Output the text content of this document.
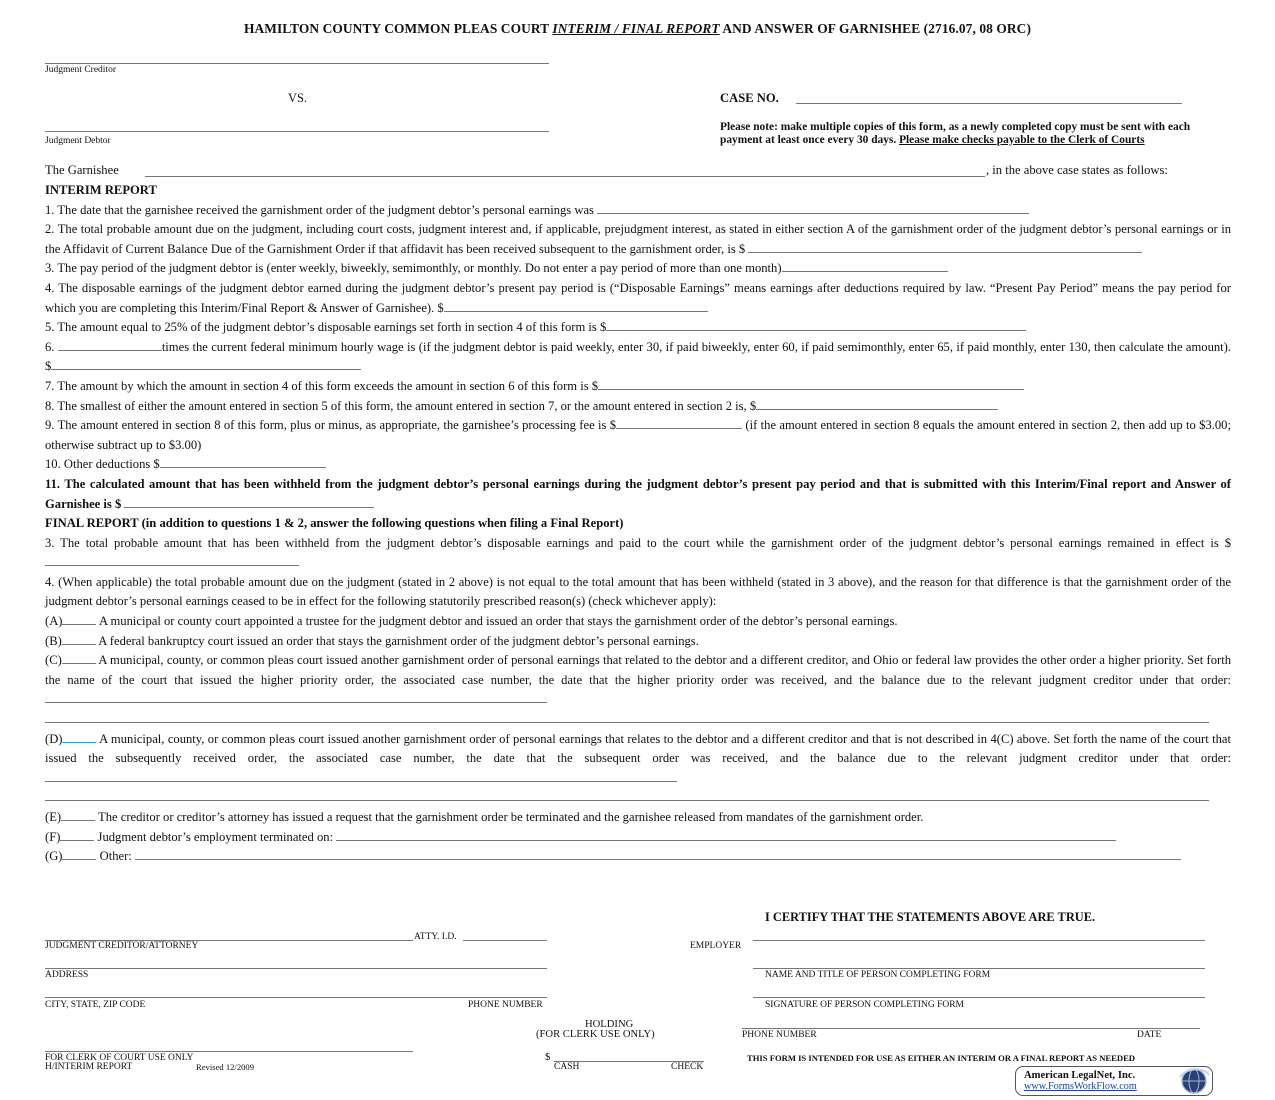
HAMILTON COUNTY COMMON PLEAS COURT INTERIM / FINAL REPORT AND ANSWER OF GARNISHEE (2716.07, 08 ORC)
Judgment Creditor
VS.
Judgment Debtor
CASE NO.
Please note: make multiple copies of this form, as a newly completed copy must be sent with each payment at least once every 30 days. Please make checks payable to the Clerk of Courts
The Garnishee	, in the above case states as follows:

INTERIM REPORT

1. The date that the garnishee received the garnishment order of the judgment debtor’s personal earnings was

2. The total probable amount due on the judgment, including court costs, judgment interest and, if applicable, prejudgment interest, as stated in either section A of the garnishment order of the judgment debtor’s personal earnings or in the Affidavit of Current Balance Due of the Garnishment Order if that affidavit has been received subsequent to the garnishment order, is $

3. The pay period of the judgment debtor is (enter weekly, biweekly, semimonthly, or monthly. Do not enter a pay period of more than one month)

4. The disposable earnings of the judgment debtor earned during the judgment debtor’s present pay period is (“Disposable Earnings” means earnings after deductions required by law. “Present Pay Period” means the pay period for which you are completing this Interim/Final Report & Answer of Garnishee). $

5. The amount equal to 25% of the judgment debtor’s disposable earnings set forth in section 4 of this form is $

6.	times the current federal minimum hourly wage is (if the judgment debtor is paid weekly, enter 30, if paid biweekly, enter 60, if paid semimonthly, enter 65, if paid monthly, enter 130, then calculate the amount). $

7. The amount by which the amount in section 4 of this form exceeds the amount in section 6 of this form is $

8. The smallest of either the amount entered in section 5 of this form, the amount entered in section 7, or the amount entered in section 2 is, $

9. The amount entered in section 8 of this form, plus or minus, as appropriate, the garnishee’s processing fee is $	(if the amount entered in section 8 equals the amount entered in section 2, then add up to $3.00; otherwise subtract up to $3.00)

10. Other deductions $

11. The calculated amount that has been withheld from the judgment debtor’s personal earnings during the judgment debtor’s present pay period and that is submitted with this Interim/Final report and Answer of Garnishee is $

FINAL REPORT (in addition to questions 1 & 2, answer the following questions when filing a Final Report)

3. The total probable amount that has been withheld from the judgment debtor’s disposable earnings and paid to the court while the garnishment order of the judgment debtor’s personal earnings remained in effect is $

4. (When applicable) the total probable amount due on the judgment (stated in 2 above) is not equal to the total amount that has been withheld (stated in 3 above), and the reason for that difference is that the garnishment order of the judgment debtor’s personal earnings ceased to be in effect for the following statutorily prescribed reason(s) (check whichever apply):

(A)	A municipal or county court appointed a trustee for the judgment debtor and issued an order that stays the garnishment order of the debtor’s personal earnings.

(B)	A federal bankruptcy court issued an order that stays the garnishment order of the judgment debtor’s personal earnings.

(C)	A municipal, county, or common pleas court issued another garnishment order of personal earnings that related to the debtor and a different creditor, and Ohio or federal law provides the other order a higher priority. Set forth the name of the court that issued the higher priority order, the associated case number, the date that the higher priority order was received, and the balance due to the relevant judgment creditor under that order:

(D)	A municipal, county, or common pleas court issued another garnishment order of personal earnings that relates to the debtor and a different creditor and that is not described in 4(C) above. Set forth the name of the court that issued the subsequently received order, the associated case number, the date that the subsequent order was received, and the balance due to the relevant judgment creditor under that order:

(E)	The creditor or creditor’s attorney has issued a request that the garnishment order be terminated and the garnishee released from mandates of the garnishment order.

(F)	Judgment debtor’s employment terminated on:

(G)	Other:

I CERTIFY THAT THE STATEMENTS ABOVE ARE TRUE.
ATTY. I.D.
JUDGMENT CREDITOR/ATTORNEY	EMPLOYER
ADDRESS	NAME AND TITLE OF PERSON COMPLETING FORM
CITY, STATE, ZIP CODE	PHONE NUMBER	SIGNATURE OF PERSON COMPLETING FORM
HOLDING
(FOR CLERK USE ONLY)	PHONE NUMBER	DATE
FOR CLERK OF COURT USE ONLY
H/INTERIM REPORT	Revised 12/2009
$
CASH	CHECK
THIS FORM IS INTENDED FOR USE AS EITHER AN INTERIM OR A FINAL REPORT AS NEEDED
American LegalNet, Inc.
www.FormsWorkFlow.com
